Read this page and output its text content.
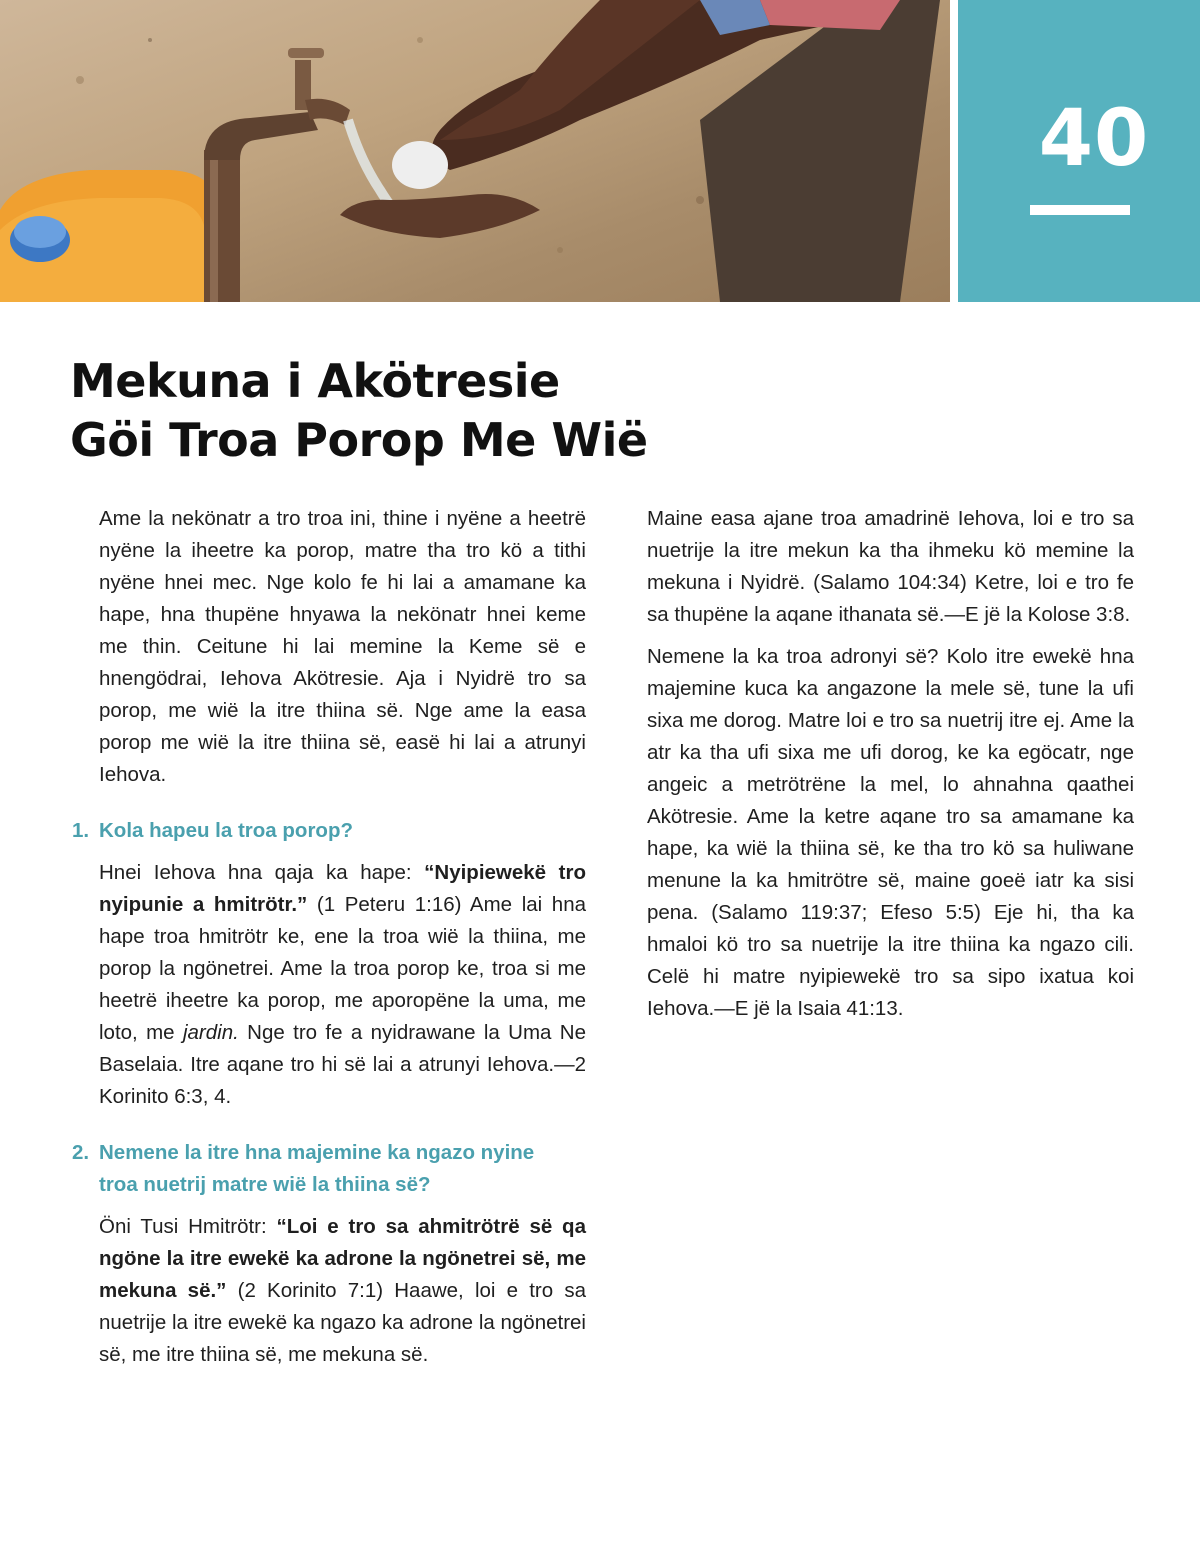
40
Mekuna i Akötresie
Göi Troa Porop Me Wië

Ame la nekönatr a tro troa ini, thine i nyëne a heetrë nyëne la iheetre ka porop, matre tha tro kö a tithi nyëne hnei mec. Nge kolo fe hi lai a amamane ka hape, hna thupëne hnyawa la nekönatr hnei keme me thin. Ceitune hi lai memine la Keme së e hnengödrai, Iehova Akötresie. Aja i Nyidrë tro sa porop, me wië la itre thiina së. Nge ame la easa porop me wië la itre thiina së, easë hi lai a atrunyi Iehova.

1. Kola hapeu la troa porop?

Hnei Iehova hna qaja ka hape: “Nyipiewekë tro nyipunie a hmitrötr.” (1 Peteru 1:16) Ame lai hna hape troa hmitrötr ke, ene la troa wië la thiina, me porop la ngönetrei. Ame la troa porop ke, troa si me heetrë iheetre ka porop, me aporopëne la uma, me loto, me jardin. Nge tro fe a nyidrawane la Uma Ne Baselaia. Itre aqane tro hi së lai a atrunyi Iehova.—2 Korinito 6:3, 4.

2. Nemene la itre hna majemine ka ngazo nyine
troa nuetrij matre wië la thiina së?

Öni Tusi Hmitrötr: “Loi e tro sa ahmitrötrë së qa ngöne la itre ewekë ka adrone la ngönetrei së, me mekuna së.” (2 Korinito 7:1) Haawe, loi e tro sa nuetrije la itre ewekë ka ngazo ka adrone la ngönetrei së, me itre thiina së, me mekuna së.

Maine easa ajane troa amadrinë Iehova, loi e tro sa nuetrije la itre mekun ka tha ihmeku kö memine la mekuna i Nyidrë. (Salamo 104:34) Ketre, loi e tro fe sa thupëne la aqane ithanata së.—E jë la Kolose 3:8.

Nemene la ka troa adronyi së? Kolo itre ewekë hna majemine kuca ka angazone la mele së, tune la ufi sixa me dorog. Matre loi e tro sa nuetrij itre ej. Ame la atr ka tha ufi sixa me ufi dorog, ke ka egöcatr, nge angeic a metrötrëne la mel, lo ahnahna qaathei Akötresie. Ame la ketre aqane tro sa amamane ka hape, ka wië la thiina së, ke tha tro kö sa huliwane menune la ka hmitrötre së, maine goeë iatr ka sisi pena. (Salamo 119:37; Efeso 5:5) Eje hi, tha ka hmaloi kö tro sa nuetrije la itre thiina ka ngazo cili. Celë hi matre nyipiewekë tro sa sipo ixatua koi Iehova.—E jë la Isaia 41:13.
